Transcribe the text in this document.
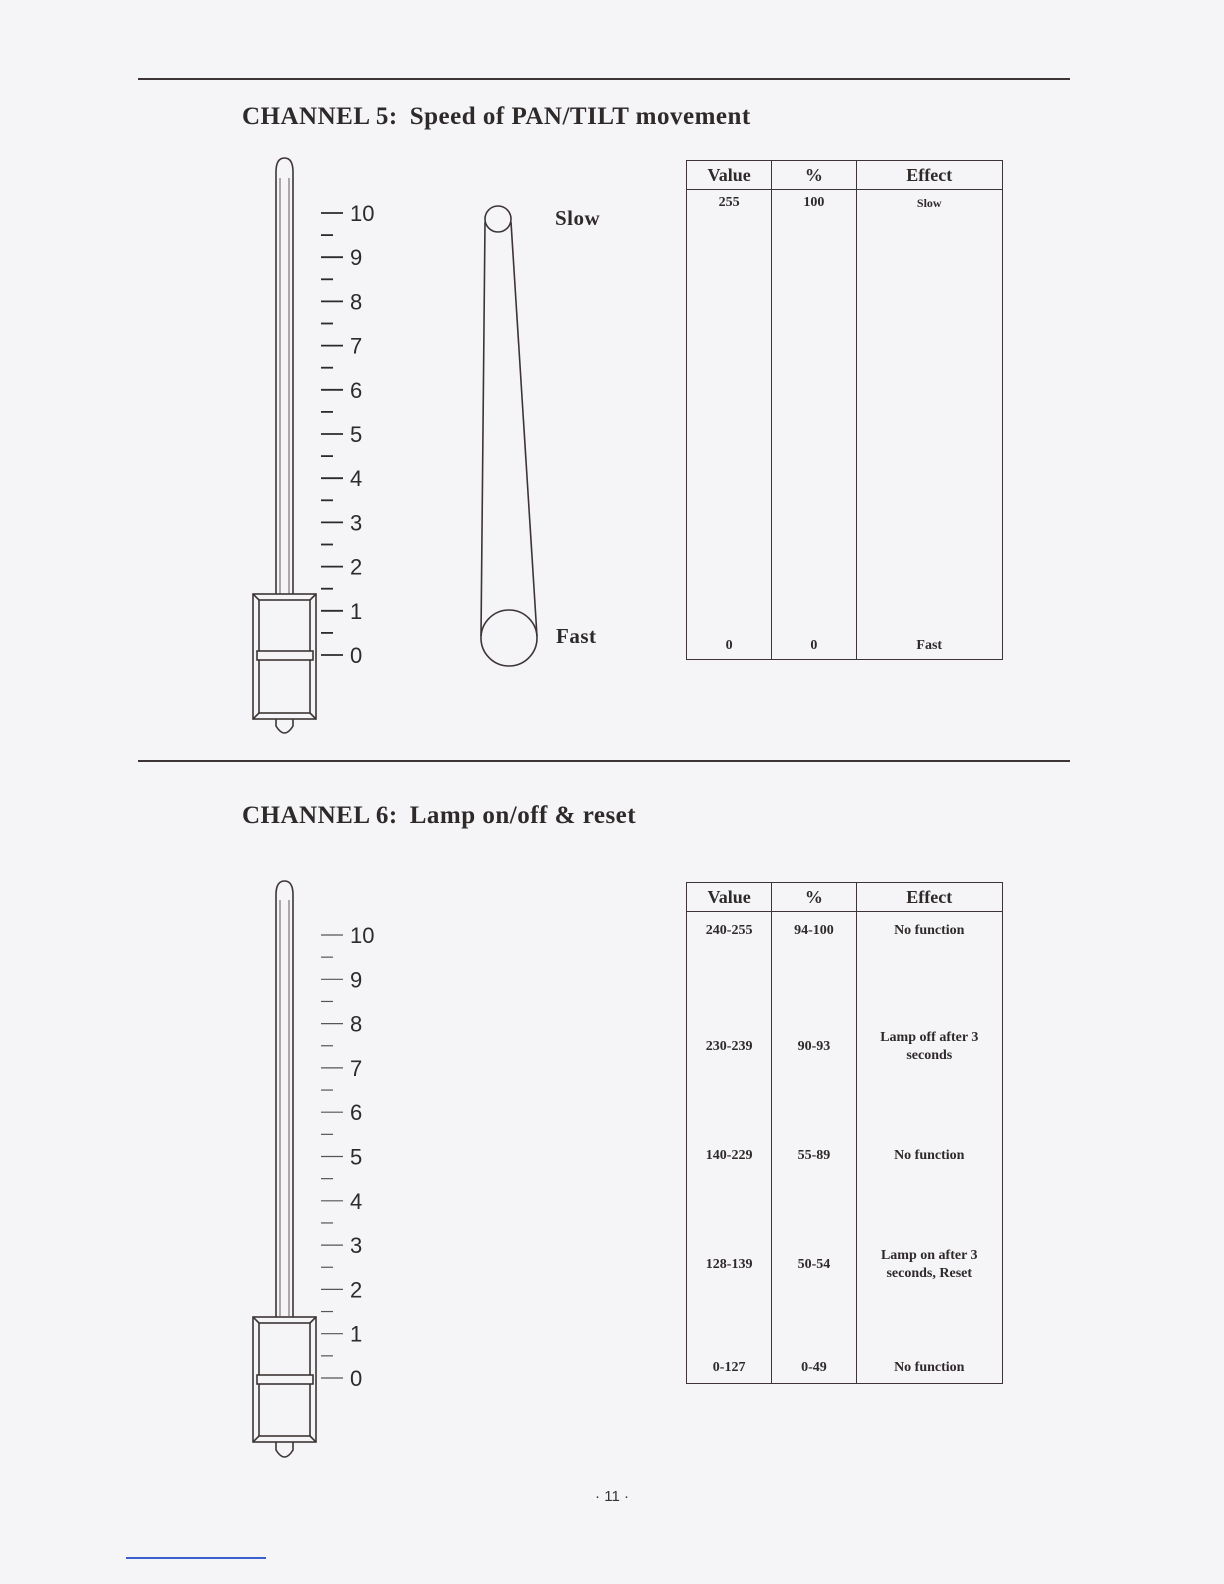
CHANNEL 5: Speed of PAN/TILT movement
10
9
8
7
6
5
4
3
2
1
0
Slow
Fast
Value	%	Effect
255	100	Slow
0	0	Fast
CHANNEL 6: Lamp on/off & reset
10
9
8
7
6
5
4
3
2
1
0
Value	%	Effect
240-255	94-100	No function
230-239	90-93	Lamp off after 3 seconds
140-229	55-89	No function
128-139	50-54	Lamp on after 3 seconds, Reset
0-127	0-49	No function
· 11 ·
